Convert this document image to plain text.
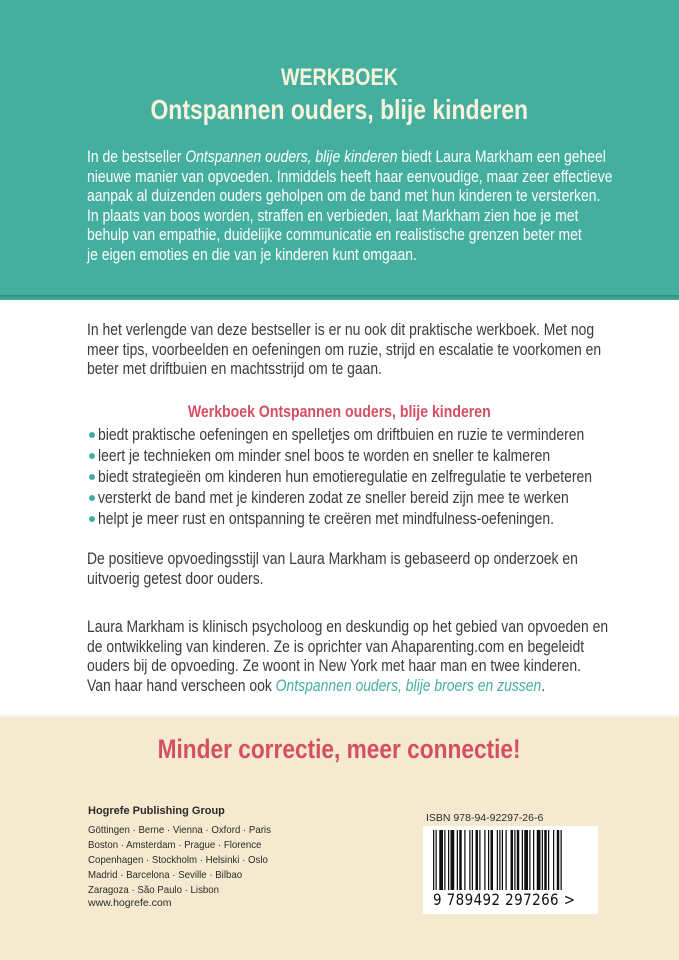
WERKBOEK
Ontspannen ouders, blije kinderen
In de bestseller Ontspannen ouders, blije kinderen biedt Laura Markham een geheel
nieuwe manier van opvoeden. Inmiddels heeft haar eenvoudige, maar zeer effectieve
aanpak al duizenden ouders geholpen om de band met hun kinderen te versterken.
In plaats van boos worden, straffen en verbieden, laat Markham zien hoe je met
behulp van empathie, duidelijke communicatie en realistische grenzen beter met
je eigen emoties en die van je kinderen kunt omgaan.
In het verlengde van deze bestseller is er nu ook dit praktische werkboek. Met nog
meer tips, voorbeelden en oefeningen om ruzie, strijd en escalatie te voorkomen en
beter met driftbuien en machtsstrijd om te gaan.
Werkboek Ontspannen ouders, blije kinderen
biedt praktische oefeningen en spelletjes om driftbuien en ruzie te verminderen
leert je technieken om minder snel boos te worden en sneller te kalmeren
biedt strategieën om kinderen hun emotieregulatie en zelfregulatie te verbeteren
versterkt de band met je kinderen zodat ze sneller bereid zijn mee te werken
helpt je meer rust en ontspanning te creëren met mindfulness-oefeningen.
De positieve opvoedingsstijl van Laura Markham is gebaseerd op onderzoek en
uitvoerig getest door ouders.
Laura Markham is klinisch psycholoog en deskundig op het gebied van opvoeden en
de ontwikkeling van kinderen. Ze is oprichter van Ahaparenting.com en begeleidt
ouders bij de opvoeding. Ze woont in New York met haar man en twee kinderen.
Van haar hand verscheen ook Ontspannen ouders, blije broers en zussen.
Minder correctie, meer connectie!
Hogrefe Publishing Group
Göttingen · Berne · Vienna · Oxford · Paris
Boston · Amsterdam · Prague · Florence
Copenhagen · Stockholm · Helsinki · Oslo
Madrid · Barcelona · Seville · Bilbao
Zaragoza · São Paulo · Lisbon
www.hogrefe.com
ISBN 978-94-92297-26-6
9 789492 297266 >
